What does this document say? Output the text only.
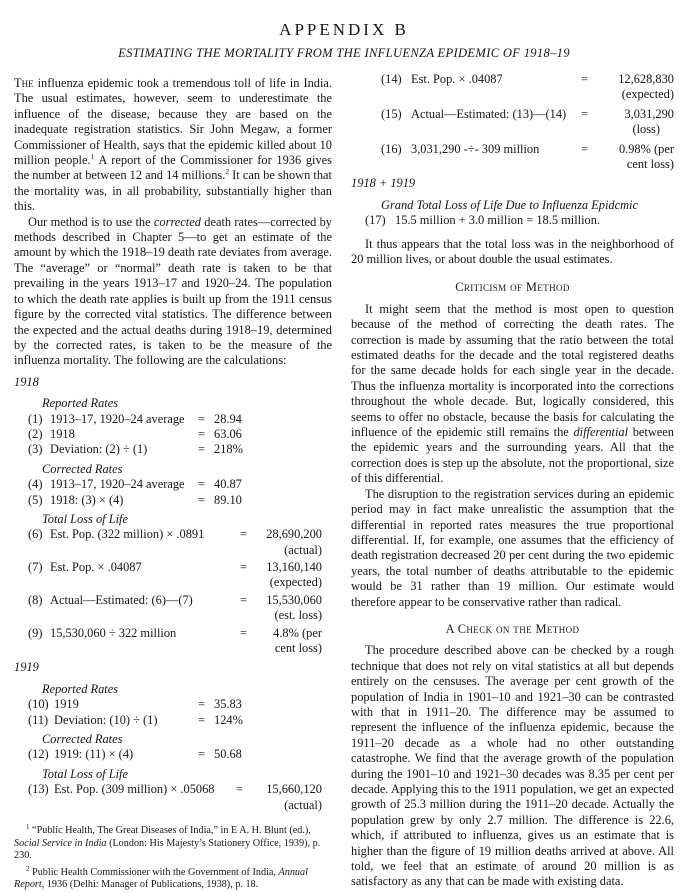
APPENDIX B
ESTIMATING THE MORTALITY FROM THE INFLUENZA EPIDEMIC OF 1918–19

The influenza epidemic took a tremendous toll of life in India. The usual estimates, however, seem to underestimate the influence of the disease, because they are based on the inadequate registration statistics. Sir John Megaw, a former Commissioner of Health, says that the epidemic killed about 10 million people.$^1$ A report of the Commissioner for 1936 gives the number at between 12 and 14 millions.$^2$ It can be shown that the mortality was, in all probability, substantially higher than this.

Our method is to use the corrected death rates—corrected by methods described in Chapter 5—to get an estimate of the amount by which the 1918–19 death rate deviates from average. The “average” or “normal” death rate is taken to be that prevailing in the years 1913–17 and 1920–24. The population to which the death rate applies is built up from the 1911 census figure by the corrected vital statistics. The difference between the expected and the actual deaths during 1918–19, determined by the corrected rates, is taken to be the measure of the influenza mortality. The following are the calculations:

1918

Reported Rates

(1) 1913–17, 1920–24 average = 28.94
(2) 1918	= 63.06
(3) Deviation: (2) ÷ (1)	= 218%

Corrected Rates

(4) 1913–17, 1920–24 average = 40.87
(5) 1918: (3) × (4)	= 89.10

Total Loss of Life

(6) Est. Pop. (322 million) × .0891	= 28,690,200
(actual)
(7) Est. Pop. × .04087	= 13,160,140
(expected)
(8) Actual—Estimated: (6)—(7)	= 15,530,060
(est. loss)
(9) 15,530,060 ÷ 322 million	= 4.8% (per
cent loss)

1919

Reported Rates

(10) 1919	= 35.83
(11) Deviation: (10) ÷ (1)	= 124%

Corrected Rates

(12) 1919: (11) × (4)	= 50.68

Total Loss of Life

(13) Est. Pop. (309 million) × .05068 = 15,660,120
(actual)

$^1$ “Public Health, The Great Diseases of India,” in E A. H. Blunt (ed.), Social Service in India (London: His Majesty’s Stationery Office, 1939), p. 230.

$^2$ Public Health Commissioner with the Government of India, Annual Report, 1936 (Delhi: Manager of Publications, 1938), p. 18.

(14) Est. Pop. × .04087	= 12,628,830
(expected)
(15) Actual—Estimated: (13)—(14) =	3,031,290
(loss)
(16) 3,031,290 -÷- 309 million	= 0.98% (per
cent loss)

1918 + 1919

Grand Total Loss of Life Due to Influenza Epidcmic

(17) 15.5 million + 3.0 million = 18.5 million.

It thus appears that the total loss was in the neighborhood of 20 million lives, or about double the usual estimates.

Criticism of Method

It might seem that the method is most open to question because of the method of correcting the death rates. The correction is made by assuming that the ratio between the total estimated deaths for the decade and the total registered deaths for the same decade holds for each single year in the decade. Thus the influenza mortality is incorporated into the corrections throughout the whole decade. But, logically considered, this seems to offer no obstacle, because the basis for calculating the influence of the epidemic still remains the differential between the epidemic years and the surrounding years. All that the correction does is step up the absolute, not the proportional, size of this differential.

The disruption to the registration services during an epidemic period may in fact make unrealistic the assumption that the differential in reported rates measures the true proportional differential. If, for example, one assumes that the efficiency of death registration decreased 20 per cent during the two epidemic years, the total number of deaths attributable to the epidemic would be 31 rather than 19 million. Our estimate would therefore appear to be conservative rather than radical.

A Check on the Method

The procedure described above can be checked by a rough technique that does not rely on vital statistics at all but depends entirely on the censuses. The average per cent growth of the population of India in 1901–10 and 1921–30 can be contrasted with that in 1911–20. The difference may be assumed to represent the influence of the influenza epidemic, because the 1911–20 decade as a whole had no other outstanding catastrophe. We find that the average growth of the population during the 1901–10 and 1921–30 decades was 8.35 per cent per decade. Applying this to the 1911 population, we get an expected growth of 25.3 million during the 1911–20 decade. Actually the population grew by only 2.7 million. The difference is 22.6, which, if attributed to influenza, gives us an estimate that is higher than the figure of 19 million deaths arrived at above. All told, we feel that an estimate of around 20 million is as satisfactory as any that can be made with existing data.
